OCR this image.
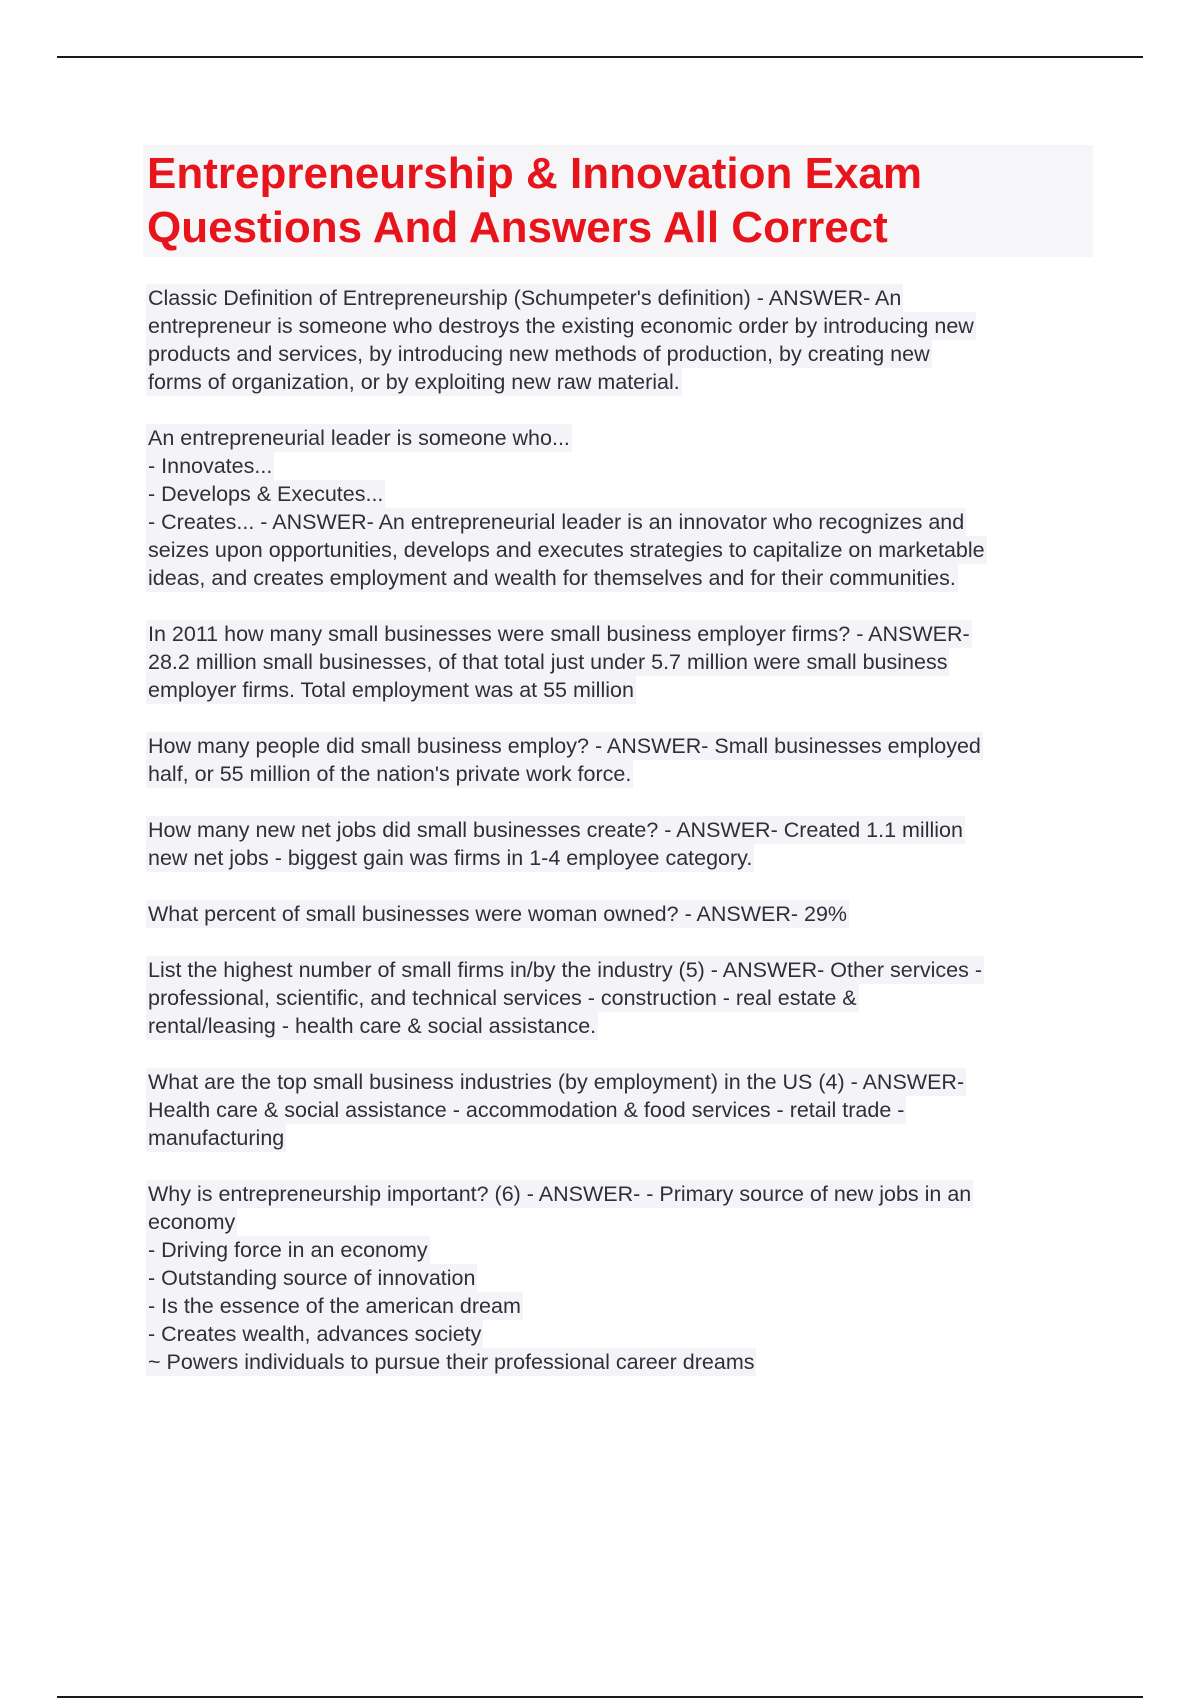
Entrepreneurship & Innovation Exam
Questions And Answers All Correct
Classic Definition of Entrepreneurship (Schumpeter's definition) - ANSWER- An
entrepreneur is someone who destroys the existing economic order by introducing new
products and services, by introducing new methods of production, by creating new
forms of organization, or by exploiting new raw material.
An entrepreneurial leader is someone who...
- Innovates...
- Develops & Executes...
- Creates... - ANSWER- An entrepreneurial leader is an innovator who recognizes and
seizes upon opportunities, develops and executes strategies to capitalize on marketable
ideas, and creates employment and wealth for themselves and for their communities.
In 2011 how many small businesses were small business employer firms? - ANSWER-
28.2 million small businesses, of that total just under 5.7 million were small business
employer firms. Total employment was at 55 million
How many people did small business employ? - ANSWER- Small businesses employed
half, or 55 million of the nation's private work force.
How many new net jobs did small businesses create? - ANSWER- Created 1.1 million
new net jobs - biggest gain was firms in 1-4 employee category.
What percent of small businesses were woman owned? - ANSWER- 29%
List the highest number of small firms in/by the industry (5) - ANSWER- Other services -
professional, scientific, and technical services - construction - real estate &
rental/leasing - health care & social assistance.
What are the top small business industries (by employment) in the US (4) - ANSWER-
Health care & social assistance - accommodation & food services - retail trade -
manufacturing
Why is entrepreneurship important? (6) - ANSWER- - Primary source of new jobs in an
economy
- Driving force in an economy
- Outstanding source of innovation
- Is the essence of the american dream
- Creates wealth, advances society
~ Powers individuals to pursue their professional career dreams
